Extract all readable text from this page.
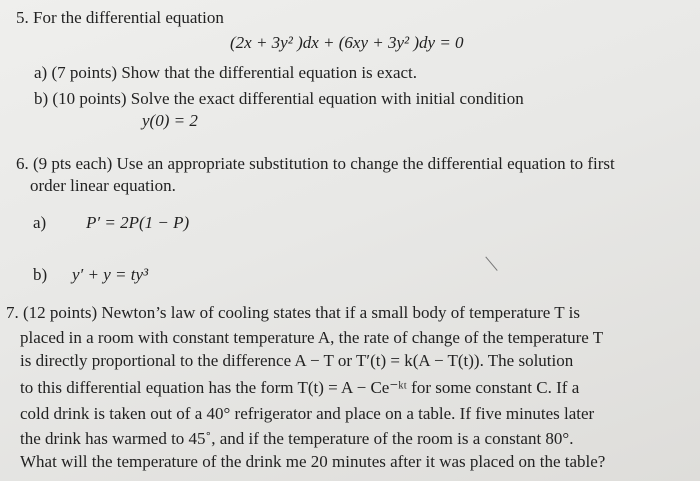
5. For the differential equation
(2x + 3y² )dx + (6xy + 3y² )dy = 0
a) (7 points) Show that the differential equation is exact.
b) (10 points) Solve the exact differential equation with initial condition
y(0) = 2
6. (9 pts each) Use an appropriate substitution to change the differential equation to first
order linear equation.
a) P′ = 2P(1 − P)
b) y′ + y = ty³
7. (12 points) Newton’s law of cooling states that if a small body of temperature T is
placed in a room with constant temperature A, the rate of change of the temperature T
is directly proportional to the difference A − T or T′(t) = k(A − T(t)). The solution
to this differential equation has the form T(t) = A − Ce⁻ᵏᵗ for some constant C. If a
cold drink is taken out of a 40° refrigerator and place on a table. If five minutes later
the drink has warmed to 45˚, and if the temperature of the room is a constant 80°.
What will the temperature of the drink me 20 minutes after it was placed on the table?
